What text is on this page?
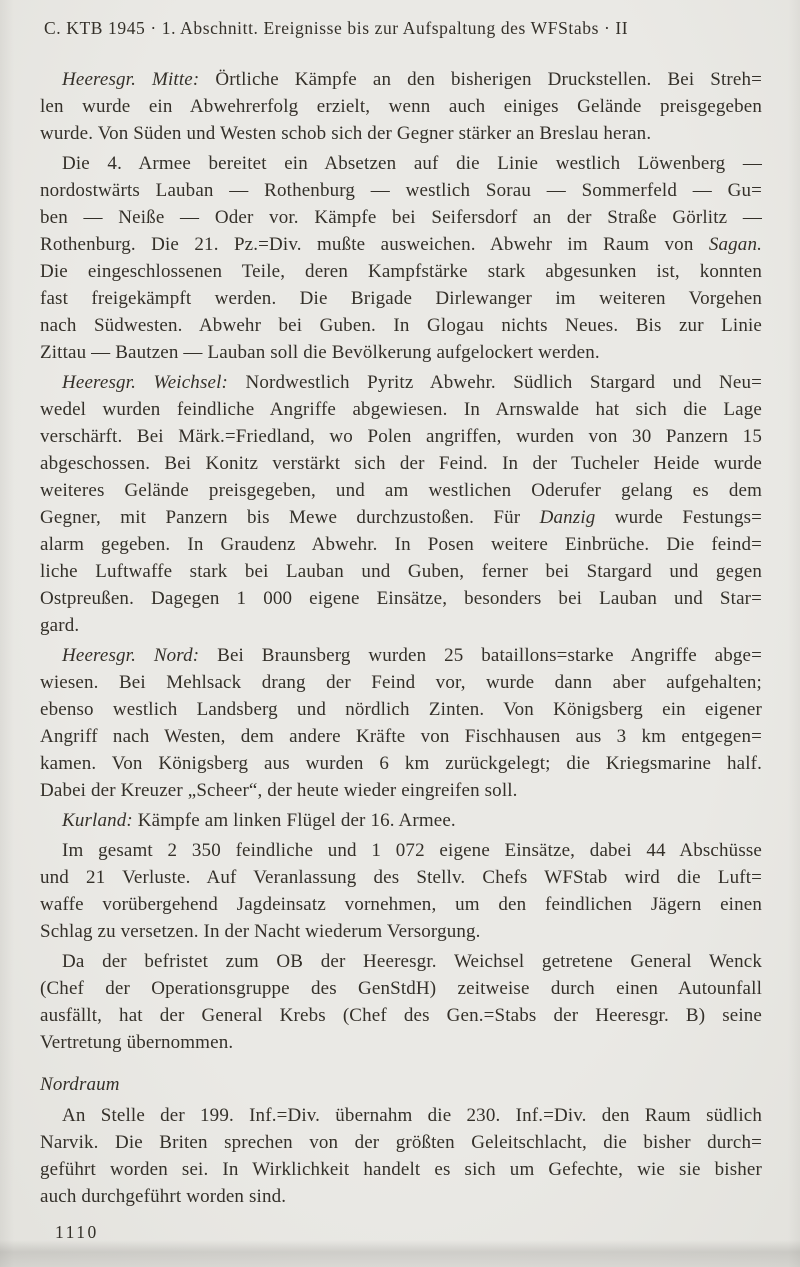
C. KTB 1945 · 1. Abschnitt. Ereignisse bis zur Aufspaltung des WFStabs · II
Heeresgr. Mitte: Örtliche Kämpfe an den bisherigen Druckstellen. Bei Streh=
len wurde ein Abwehrerfolg erzielt, wenn auch einiges Gelände preisgegeben
wurde. Von Süden und Westen schob sich der Gegner stärker an Breslau heran.
Die 4. Armee bereitet ein Absetzen auf die Linie westlich Löwenberg —
nordostwärts Lauban — Rothenburg — westlich Sorau — Sommerfeld — Gu=
ben — Neiße — Oder vor. Kämpfe bei Seifersdorf an der Straße Görlitz —
Rothenburg. Die 21. Pz.=Div. mußte ausweichen. Abwehr im Raum von Sagan.
Die eingeschlossenen Teile, deren Kampfstärke stark abgesunken ist, konnten
fast freigekämpft werden. Die Brigade Dirlewanger im weiteren Vorgehen
nach Südwesten. Abwehr bei Guben. In Glogau nichts Neues. Bis zur Linie
Zittau — Bautzen — Lauban soll die Bevölkerung aufgelockert werden.
Heeresgr. Weichsel: Nordwestlich Pyritz Abwehr. Südlich Stargard und Neu=
wedel wurden feindliche Angriffe abgewiesen. In Arnswalde hat sich die Lage
verschärft. Bei Märk.=Friedland, wo Polen angriffen, wurden von 30 Panzern 15
abgeschossen. Bei Konitz verstärkt sich der Feind. In der Tucheler Heide wurde
weiteres Gelände preisgegeben, und am westlichen Oderufer gelang es dem
Gegner, mit Panzern bis Mewe durchzustoßen. Für Danzig wurde Festungs=
alarm gegeben. In Graudenz Abwehr. In Posen weitere Einbrüche. Die feind=
liche Luftwaffe stark bei Lauban und Guben, ferner bei Stargard und gegen
Ostpreußen. Dagegen 1 000 eigene Einsätze, besonders bei Lauban und Star=
gard.
Heeresgr. Nord: Bei Braunsberg wurden 25 bataillons=starke Angriffe abge=
wiesen. Bei Mehlsack drang der Feind vor, wurde dann aber aufgehalten;
ebenso westlich Landsberg und nördlich Zinten. Von Königsberg ein eigener
Angriff nach Westen, dem andere Kräfte von Fischhausen aus 3 km entgegen=
kamen. Von Königsberg aus wurden 6 km zurückgelegt; die Kriegsmarine half.
Dabei der Kreuzer „Scheer“, der heute wieder eingreifen soll.
Kurland: Kämpfe am linken Flügel der 16. Armee.
Im gesamt 2 350 feindliche und 1 072 eigene Einsätze, dabei 44 Abschüsse
und 21 Verluste. Auf Veranlassung des Stellv. Chefs WFStab wird die Luft=
waffe vorübergehend Jagdeinsatz vornehmen, um den feindlichen Jägern einen
Schlag zu versetzen. In der Nacht wiederum Versorgung.
Da der befristet zum OB der Heeresgr. Weichsel getretene General Wenck
(Chef der Operationsgruppe des GenStdH) zeitweise durch einen Autounfall
ausfällt, hat der General Krebs (Chef des Gen.=Stabs der Heeresgr. B) seine
Vertretung übernommen.
Nordraum
An Stelle der 199. Inf.=Div. übernahm die 230. Inf.=Div. den Raum südlich
Narvik. Die Briten sprechen von der größten Geleitschlacht, die bisher durch=
geführt worden sei. In Wirklichkeit handelt es sich um Gefechte, wie sie bisher
auch durchgeführt worden sind.
1110
